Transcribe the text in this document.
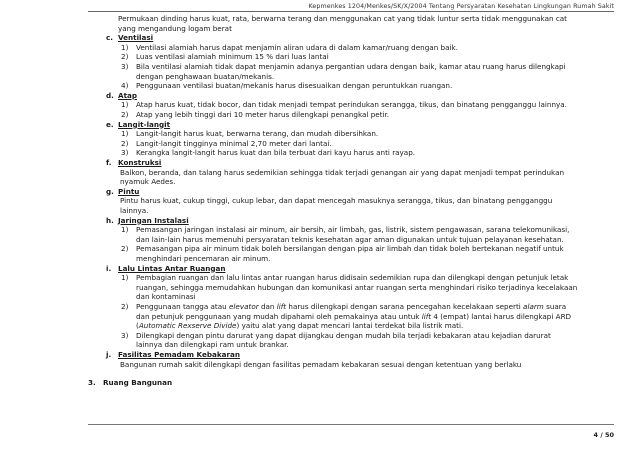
Kepmenkes 1204/Menkes/SK/X/2004 Tentang Persyaratan Kesehatan Lingkungan Rumah Sakit
Permukaan dinding harus kuat, rata, berwarna terang dan menggunakan cat yang tidak luntur serta tidak menggunakan cat
yang mengandung logam berat
c. Ventilasi
1) Ventilasi alamiah harus dapat menjamin aliran udara di dalam kamar/ruang dengan baik.
2) Luas ventilasi alamiah minimum 15 % dari luas lantai
3) Bila ventilasi alamiah tidak dapat menjamin adanya pergantian udara dengan baik, kamar atau ruang harus dilengkapi
dengan penghawaan buatan/mekanis.
4) Penggunaan ventilasi buatan/mekanis harus disesuaikan dengan peruntukkan ruangan.
d. Atap
1) Atap harus kuat, tidak bocor, dan tidak menjadi tempat perindukan serangga, tikus, dan binatang pengganggu lainnya.
2) Atap yang lebih tinggi dari 10 meter harus dilengkapi penangkal petir.
e. Langit-langit
1) Langit-langit harus kuat, berwarna terang, dan mudah dibersihkan.
2) Langit-langit tingginya minimal 2,70 meter dari lantai.
3) Kerangka langit-langit harus kuat dan bila terbuat dari kayu harus anti rayap.
f. Konstruksi
Balkon, beranda, dan talang harus sedemikian sehingga tidak terjadi genangan air yang dapat menjadi tempat perindukan
nyamuk Aedes.
g. Pintu
Pintu harus kuat, cukup tinggi, cukup lebar, dan dapat mencegah masuknya serangga, tikus, dan binatang pengganggu
lainnya.
h. Jaringan Instalasi
1) Pemasangan jaringan instalasi air minum, air bersih, air limbah, gas, listrik, sistem pengawasan, sarana telekomunikasi,
dan lain-lain harus memenuhi persyaratan teknis kesehatan agar aman digunakan untuk tujuan pelayanan kesehatan.
2) Pemasangan pipa air minum tidak boleh bersilangan dengan pipa air limbah dan tidak boleh bertekanan negatif untuk
menghindari pencemaran air minum.
i. Lalu Lintas Antar Ruangan
1) Pembagian ruangan dan lalu lintas antar ruangan harus didisain sedemikian rupa dan dilengkapi dengan petunjuk letak
ruangan, sehingga memudahkan hubungan dan komunikasi antar ruangan serta menghindari risiko terjadinya kecelakaan
dan kontaminasi
2) Penggunaan tangga atau elevator dan lift harus dilengkapi dengan sarana pencegahan kecelakaan seperti alarm suara
dan petunjuk penggunaan yang mudah dipahami oleh pemakainya atau untuk lift 4 (empat) lantai harus dilengkapi ARD
(Automatic Rexserve Divide) yaitu alat yang dapat mencari lantai terdekat bila listrik mati.
3) Dilengkapi dengan pintu darurat yang dapat dijangkau dengan mudah bila terjadi kebakaran atau kejadian darurat
lainnya dan dilengkapi ram untuk brankar.
j. Fasilitas Pemadam Kebakaran
Bangunan rumah sakit dilengkapi dengan fasilitas pemadam kebakaran sesuai dengan ketentuan yang berlaku
3. Ruang Bangunan
4 / 50
